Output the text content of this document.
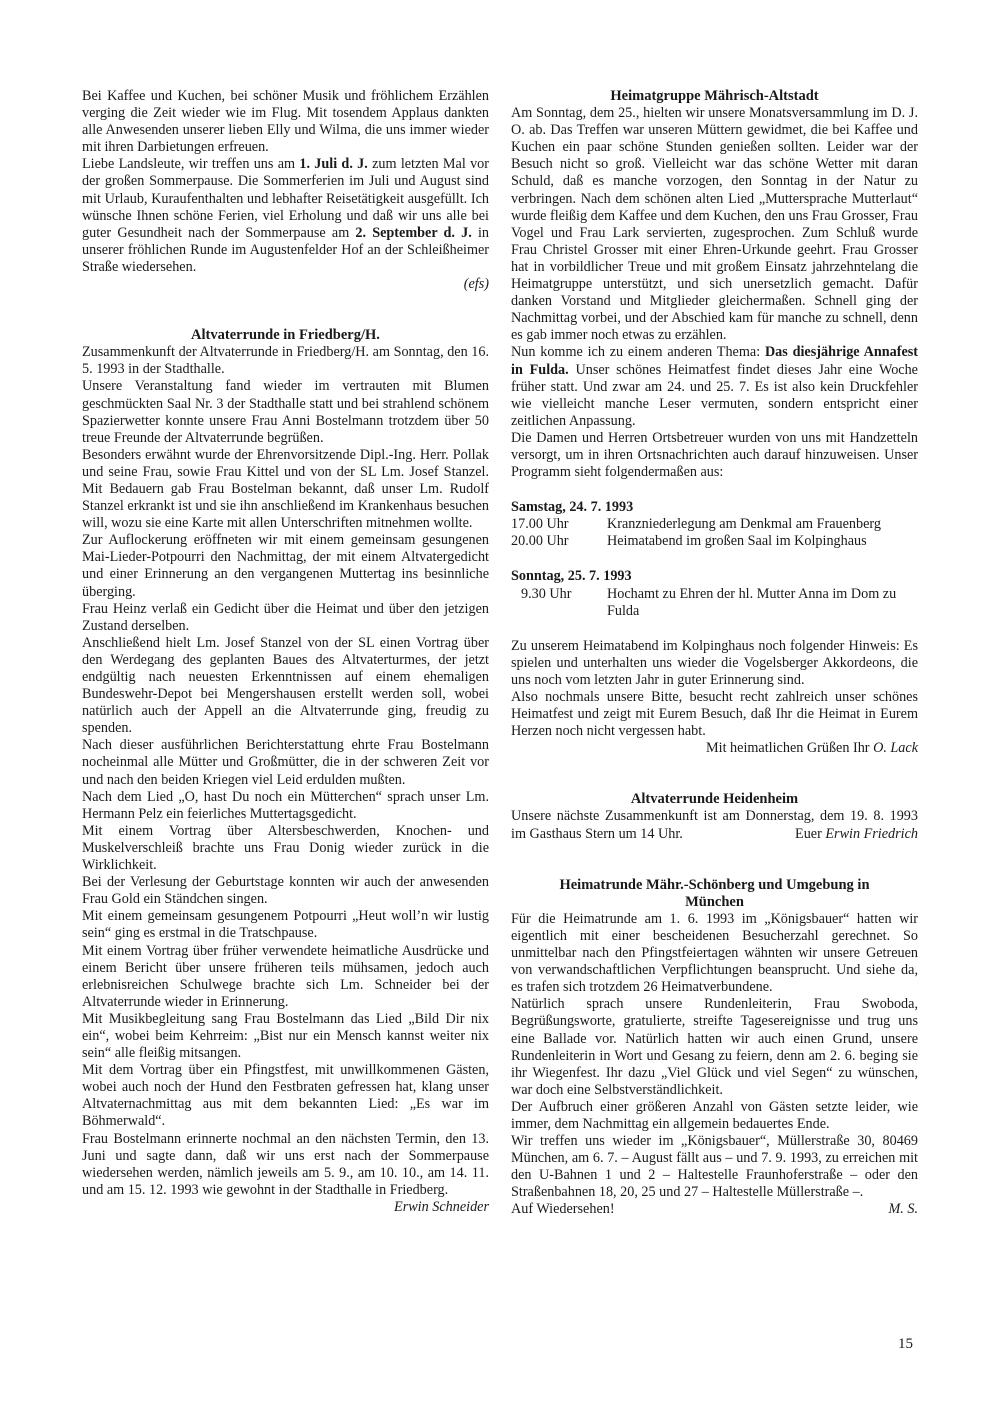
Bei Kaffee und Kuchen, bei schöner Musik und fröhlichem Erzählen verging die Zeit wieder wie im Flug. Mit tosendem Applaus dankten alle Anwesenden unserer lieben Elly und Wilma, die uns immer wieder mit ihren Darbietungen erfreuen.

Liebe Landsleute, wir treffen uns am 1. Juli d. J. zum letzten Mal vor der großen Sommerpause. Die Sommerferien im Juli und August sind mit Urlaub, Kuraufenthalten und lebhafter Reisetätigkeit ausgefüllt. Ich wünsche Ihnen schöne Ferien, viel Erholung und daß wir uns alle bei guter Gesundheit nach der Sommerpause am 2. September d. J. in unserer fröhlichen Runde im Augustenfelder Hof an der Schleißheimer Straße wiedersehen.

(efs)

Altvaterrunde in Friedberg/H.

Zusammenkunft der Altvaterrunde in Friedberg/H. am Sonntag, den 16. 5. 1993 in der Stadthalle.

Unsere Veranstaltung fand wieder im vertrauten mit Blumen geschmückten Saal Nr. 3 der Stadthalle statt und bei strahlend schönem Spazierwetter konnte unsere Frau Anni Bostelmann trotzdem über 50 treue Freunde der Altvaterrunde begrüßen.

Besonders erwähnt wurde der Ehrenvorsitzende Dipl.-Ing. Herr. Pollak und seine Frau, sowie Frau Kittel und von der SL Lm. Josef Stanzel. Mit Bedauern gab Frau Bostelman bekannt, daß unser Lm. Rudolf Stanzel erkrankt ist und sie ihn anschließend im Krankenhaus besuchen will, wozu sie eine Karte mit allen Unterschriften mitnehmen wollte.

Zur Auflockerung eröffneten wir mit einem gemeinsam gesungenen Mai-Lieder-Potpourri den Nachmittag, der mit einem Altvatergedicht und einer Erinnerung an den vergangenen Muttertag ins besinnliche überging.

Frau Heinz verlaß ein Gedicht über die Heimat und über den jetzigen Zustand derselben.

Anschließend hielt Lm. Josef Stanzel von der SL einen Vortrag über den Werdegang des geplanten Baues des Altvaterturmes, der jetzt endgültig nach neuesten Erkenntnissen auf einem ehemaligen Bundeswehr-Depot bei Mengershausen erstellt werden soll, wobei natürlich auch der Appell an die Altvaterrunde ging, freudig zu spenden.

Nach dieser ausführlichen Berichterstattung ehrte Frau Bostelmann nocheinmal alle Mütter und Großmütter, die in der schweren Zeit vor und nach den beiden Kriegen viel Leid erdulden mußten.

Nach dem Lied „O, hast Du noch ein Mütterchen“ sprach unser Lm. Hermann Pelz ein feierliches Muttertagsgedicht.

Mit einem Vortrag über Altersbeschwerden, Knochen- und Muskelverschleiß brachte uns Frau Donig wieder zurück in die Wirklichkeit.

Bei der Verlesung der Geburtstage konnten wir auch der anwesenden Frau Gold ein Ständchen singen.

Mit einem gemeinsam gesungenem Potpourri „Heut woll’n wir lustig sein“ ging es erstmal in die Tratschpause.

Mit einem Vortrag über früher verwendete heimatliche Ausdrücke und einem Bericht über unsere früheren teils mühsamen, jedoch auch erlebnisreichen Schulwege brachte sich Lm. Schneider bei der Altvaterrunde wieder in Erinnerung.

Mit Musikbegleitung sang Frau Bostelmann das Lied „Bild Dir nix ein“, wobei beim Kehrreim: „Bist nur ein Mensch kannst weiter nix sein“ alle fleißig mitsangen.

Mit dem Vortrag über ein Pfingstfest, mit unwillkommenen Gästen, wobei auch noch der Hund den Festbraten gefressen hat, klang unser Altvaternachmittag aus mit dem bekannten Lied: „Es war im Böhmerwald“.

Frau Bostelmann erinnerte nochmal an den nächsten Termin, den 13. Juni und sagte dann, daß wir uns erst nach der Sommerpause wiedersehen werden, nämlich jeweils am 5. 9., am 10. 10., am 14. 11. und am 15. 12. 1993 wie gewohnt in der Stadthalle in Friedberg.
Erwin Schneider

Heimatgruppe Mährisch-Altstadt

Am Sonntag, dem 25., hielten wir unsere Monatsversammlung im D. J. O. ab. Das Treffen war unseren Müttern gewidmet, die bei Kaffee und Kuchen ein paar schöne Stunden genießen sollten. Leider war der Besuch nicht so groß. Vielleicht war das schöne Wetter mit daran Schuld, daß es manche vorzogen, den Sonntag in der Natur zu verbringen. Nach dem schönen alten Lied „Muttersprache Mutterlaut“ wurde fleißig dem Kaffee und dem Kuchen, den uns Frau Grosser, Frau Vogel und Frau Lark servierten, zugesprochen. Zum Schluß wurde Frau Christel Grosser mit einer Ehren-Urkunde geehrt. Frau Grosser hat in vorbildlicher Treue und mit großem Einsatz jahrzehntelang die Heimatgruppe unterstützt, und sich unersetzlich gemacht. Dafür danken Vorstand und Mitglieder gleichermaßen. Schnell ging der Nachmittag vorbei, und der Abschied kam für manche zu schnell, denn es gab immer noch etwas zu erzählen.

Nun komme ich zu einem anderen Thema: Das diesjährige Annafest in Fulda. Unser schönes Heimatfest findet dieses Jahr eine Woche früher statt. Und zwar am 24. und 25. 7. Es ist also kein Druckfehler wie vielleicht manche Leser vermuten, sondern entspricht einer zeitlichen Anpassung.

Die Damen und Herren Ortsbetreuer wurden von uns mit Handzetteln versorgt, um in ihren Ortsnachrichten auch darauf hinzuweisen. Unser Programm sieht folgendermaßen aus:

Samstag, 24. 7. 1993

17.00 Uhr	Kranzniederlegung am Denkmal am Frauenberg
20.00 Uhr	Heimatabend im großen Saal im Kolpinghaus

Sonntag, 25. 7. 1993

9.30 Uhr	Hochamt zu Ehren der hl. Mutter Anna im Dom zu Fulda

Zu unserem Heimatabend im Kolpinghaus noch folgender Hinweis: Es spielen und unterhalten uns wieder die Vogelsberger Akkordeons, die uns noch vom letzten Jahr in guter Erinnerung sind.

Also nochmals unsere Bitte, besucht recht zahlreich unser schönes Heimatfest und zeigt mit Eurem Besuch, daß Ihr die Heimat in Eurem Herzen noch nicht vergessen habt.

Mit heimatlichen Grüßen Ihr O. Lack

Altvaterrunde Heidenheim

Unsere nächste Zusammenkunft ist am Donnerstag, dem 19. 8. 1993 im Gasthaus Stern um 14 Uhr.	Euer Erwin Friedrich

Heimatrunde Mähr.-Schönberg und Umgebung in München

Für die Heimatrunde am 1. 6. 1993 im „Königsbauer“ hatten wir eigentlich mit einer bescheidenen Besucherzahl gerechnet. So unmittelbar nach den Pfingstfeiertagen wähnten wir unsere Getreuen von verwandschaftlichen Verpflichtungen beansprucht. Und siehe da, es trafen sich trotzdem 26 Heimatverbundene.

Natürlich sprach unsere Rundenleiterin, Frau Swoboda, Begrüßungsworte, gratulierte, streifte Tagesereignisse und trug uns eine Ballade vor. Natürlich hatten wir auch einen Grund, unsere Rundenleiterin in Wort und Gesang zu feiern, denn am 2. 6. beging sie ihr Wiegenfest. Ihr dazu „Viel Glück und viel Segen“ zu wünschen, war doch eine Selbstverständlichkeit.

Der Aufbruch einer größeren Anzahl von Gästen setzte leider, wie immer, dem Nachmittag ein allgemein bedauertes Ende.

Wir treffen uns wieder im „Königsbauer“, Müllerstraße 30, 80469 München, am 6. 7. – August fällt aus – und 7. 9. 1993, zu erreichen mit den U-Bahnen 1 und 2 – Haltestelle Fraunhoferstraße – oder den Straßenbahnen 18, 20, 25 und 27 – Haltestelle Müllerstraße –.

Auf Wiedersehen!	M. S.
15
